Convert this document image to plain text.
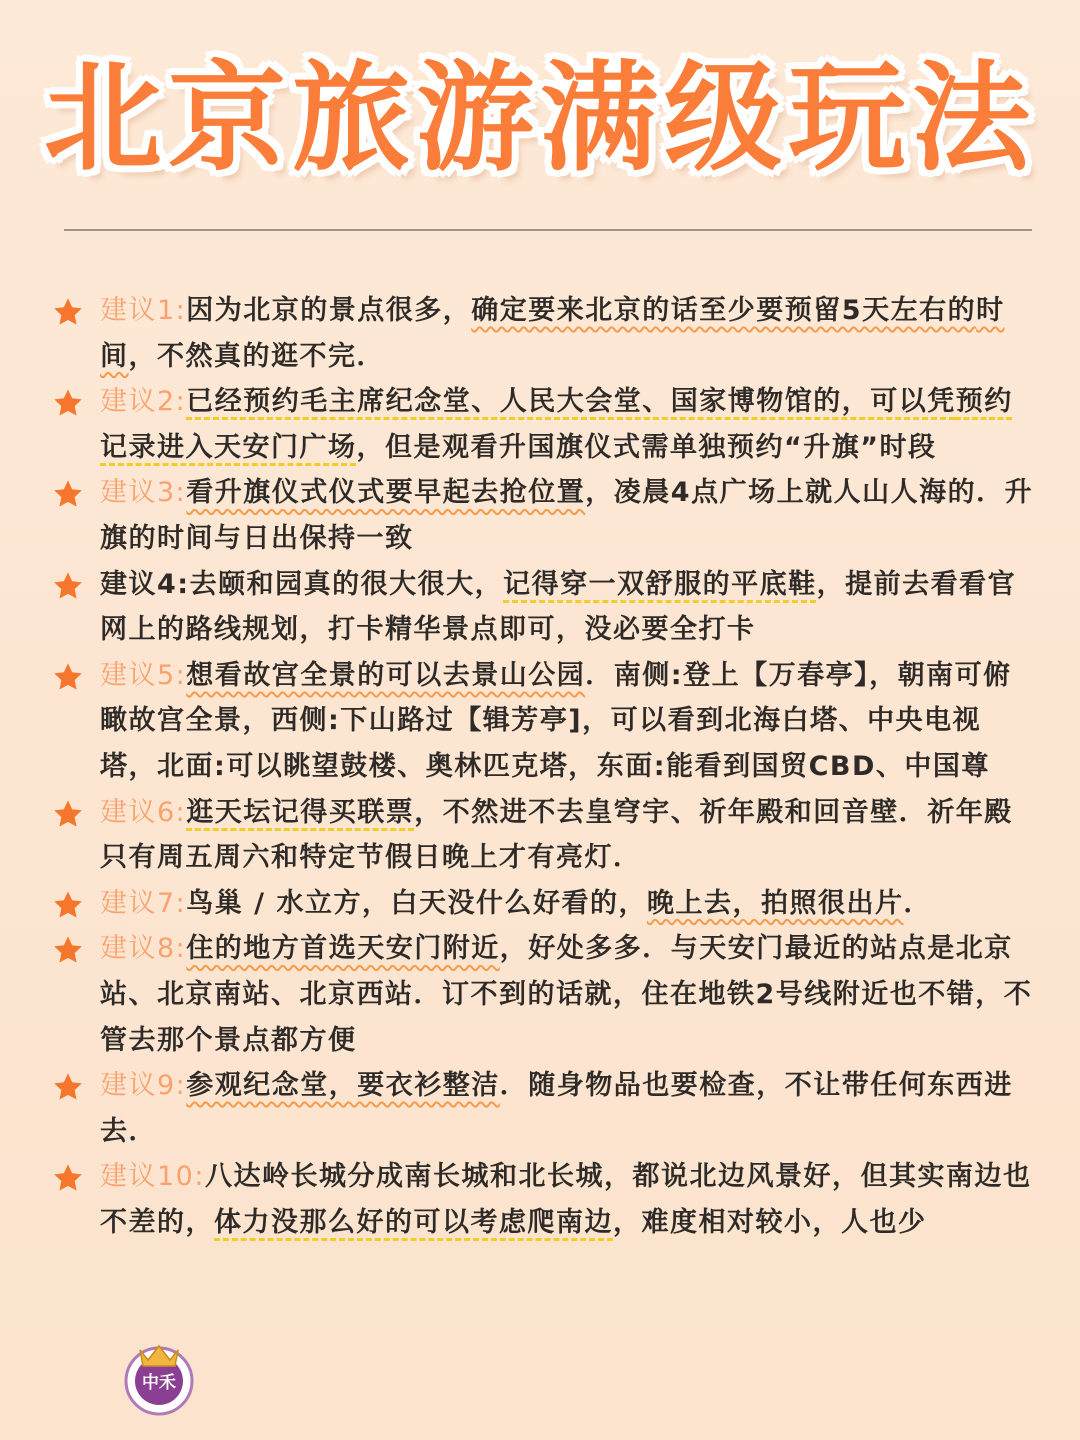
北京旅游满级玩法

建议1:因为北京的景点很多，确定要来北京的话至少要预留5天左右的时间，不然真的逛不完．

建议2:已经预约毛主席纪念堂、人民大会堂、国家博物馆的，可以凭预约记录进入天安门广场，但是观看升国旗仪式需单独预约“升旗”时段

建议3:看升旗仪式仪式要早起去抢位置，凌晨4点广场上就人山人海的．升旗的时间与日出保持一致

建议4:去颐和园真的很大很大，记得穿一双舒服的平底鞋，提前去看看官网上的路线规划，打卡精华景点即可，没必要全打卡

建议5:想看故宫全景的可以去景山公园．南侧:登上【万春亭】，朝南可俯瞰故宫全景，西侧:下山路过【辑芳亭]，可以看到北海白塔、中央电视塔，北面:可以眺望鼓楼、奥林匹克塔，东面:能看到国贸CBD、中国尊

建议6:逛天坛记得买联票，不然进不去皇穹宇、祈年殿和回音壁．祈年殿只有周五周六和特定节假日晚上才有亮灯．

建议7:鸟巢 / 水立方，白天没什么好看的，晚上去，拍照很出片．

建议8:住的地方首选天安门附近，好处多多．与天安门最近的站点是北京站、北京南站、北京西站．订不到的话就，住在地铁2号线附近也不错，不管去那个景点都方便

建议9:参观纪念堂，要衣衫整洁．随身物品也要检查，不让带任何东西进去．

建议10:八达岭长城分成南长城和北长城，都说北边风景好，但其实南边也不差的，体力没那么好的可以考虑爬南边，难度相对较小，人也少

中禾
